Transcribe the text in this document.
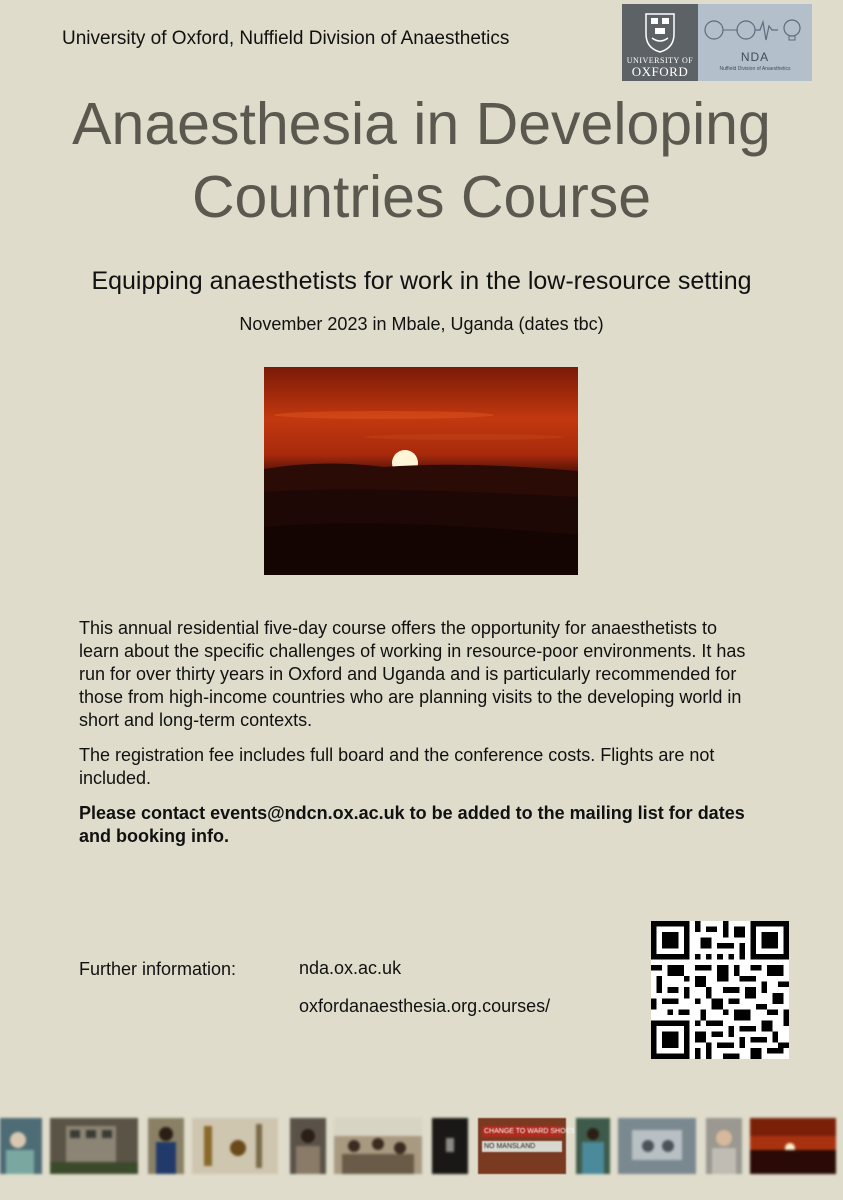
University of Oxford, Nuffield Division of Anaesthetics
UNIVERSITY OF
OXFORD
NDA
Nuffield Division of Anaesthetics
Anaesthesia in Developing
Countries Course
Equipping anaesthetists for work in the low-resource setting
November 2023 in Mbale, Uganda (dates tbc)

This annual residential five-day course offers the opportunity for anaesthetists to learn about the specific challenges of working in resource-poor environments. It has run for over thirty years in Oxford and Uganda and is particularly recommended for those from high-income countries who are planning visits to the developing world in short and long-term contexts.

The registration fee includes full board and the conference costs. Flights are not included.

Please contact events@ndcn.ox.ac.uk to be added to the mailing list for dates and booking info.

Further information:	nda.ox.ac.uk
oxfordanaesthesia.org.courses/
CHANGE TO WARD SHOES
NO MANSLAND
